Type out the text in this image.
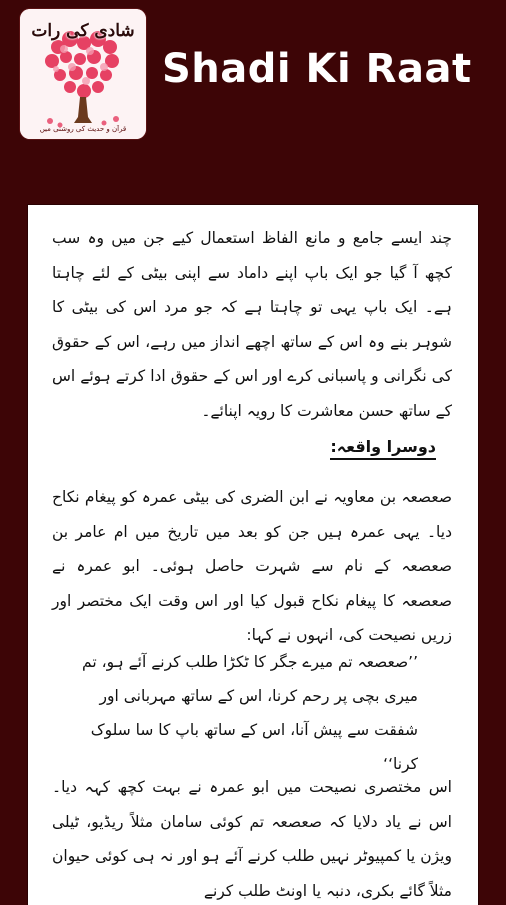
شادی کی رات
قرآن و حدیث کی روشنی میں
Shadi Ki Raat
چند ایسے جامع و مانع الفاظ استعمال کیے جن میں وہ سب کچھ آ گیا جو ایک باپ اپنے داماد سے اپنی بیٹی کے لئے چاہتا ہے۔ ایک باپ یہی تو چاہتا ہے کہ جو مرد اس کی بیٹی کا شوہر بنے وہ اس کے ساتھ اچھے انداز میں رہے، اس کے حقوق کی نگرانی و پاسبانی کرے اور اس کے حقوق ادا کرتے ہوئے اس کے ساتھ حسن معاشرت کا رویہ اپنائے۔
دوسرا واقعہ:
صعصعہ بن معاویہ نے ابن الضری کی بیٹی عمرہ کو پیغام نکاح دیا۔ یہی عمرہ ہیں جن کو بعد میں تاریخ میں ام عامر بن صعصعہ کے نام سے شہرت حاصل ہوئی۔ ابو عمرہ نے صعصعہ کا پیغام نکاح قبول کیا اور اس وقت ایک مختصر اور زریں نصیحت کی، انہوں نے کہا:
’’صعصعہ تم میرے جگر کا ٹکڑا طلب کرنے آئے ہو، تم میری بچی پر رحم کرنا، اس کے ساتھ مہربانی اور شفقت سے پیش آنا، اس کے ساتھ باپ کا سا سلوک کرنا‘‘
اس مختصری نصیحت میں ابو عمرہ نے بہت کچھ کہہ دیا۔ اس نے یاد دلایا کہ صعصعہ تم کوئی سامان مثلاً ریڈیو، ٹیلی ویژن یا کمپیوٹر نہیں طلب کرنے آئے ہو اور نہ ہی کوئی حیوان مثلاً گائے بکری، دنبہ یا اونٹ طلب کرنے
